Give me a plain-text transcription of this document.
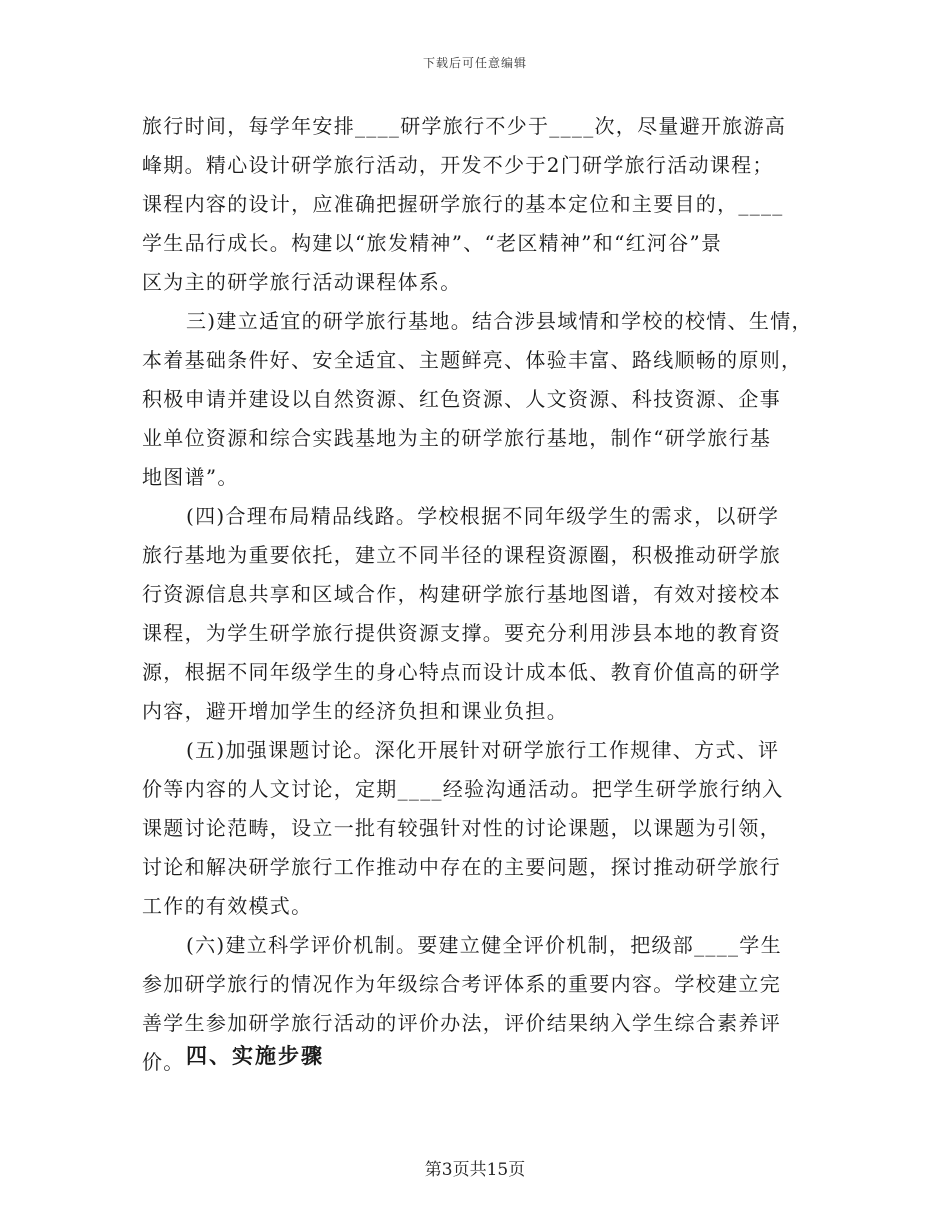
下载后可任意编辑
旅行时间，每学年安排____研学旅行不少于____次，尽量避开旅游高
峰期。精心设计研学旅行活动，开发不少于2门研学旅行活动课程；
课程内容的设计，应准确把握研学旅行的基本定位和主要目的，____
学生品行成长。构建以“旅发精神”、“老区精神”和“红河谷”景
区为主的研学旅行活动课程体系。
三)建立适宜的研学旅行基地。结合涉县域情和学校的校情、生情，
本着基础条件好、安全适宜、主题鲜亮、体验丰富、路线顺畅的原则，
积极申请并建设以自然资源、红色资源、人文资源、科技资源、企事
业单位资源和综合实践基地为主的研学旅行基地，制作“研学旅行基
地图谱”。
(四)合理布局精品线路。学校根据不同年级学生的需求，以研学
旅行基地为重要依托，建立不同半径的课程资源圈，积极推动研学旅
行资源信息共享和区域合作，构建研学旅行基地图谱，有效对接校本
课程，为学生研学旅行提供资源支撑。要充分利用涉县本地的教育资
源，根据不同年级学生的身心特点而设计成本低、教育价值高的研学
内容，避开增加学生的经济负担和课业负担。
(五)加强课题讨论。深化开展针对研学旅行工作规律、方式、评
价等内容的人文讨论，定期____经验沟通活动。把学生研学旅行纳入
课题讨论范畴，设立一批有较强针对性的讨论课题，以课题为引领，
讨论和解决研学旅行工作推动中存在的主要问题，探讨推动研学旅行
工作的有效模式。
(六)建立科学评价机制。要建立健全评价机制，把级部____学生
参加研学旅行的情况作为年级综合考评体系的重要内容。学校建立完
善学生参加研学旅行活动的评价办法，评价结果纳入学生综合素养评
价。 四、实施步骤
第3页共15页
